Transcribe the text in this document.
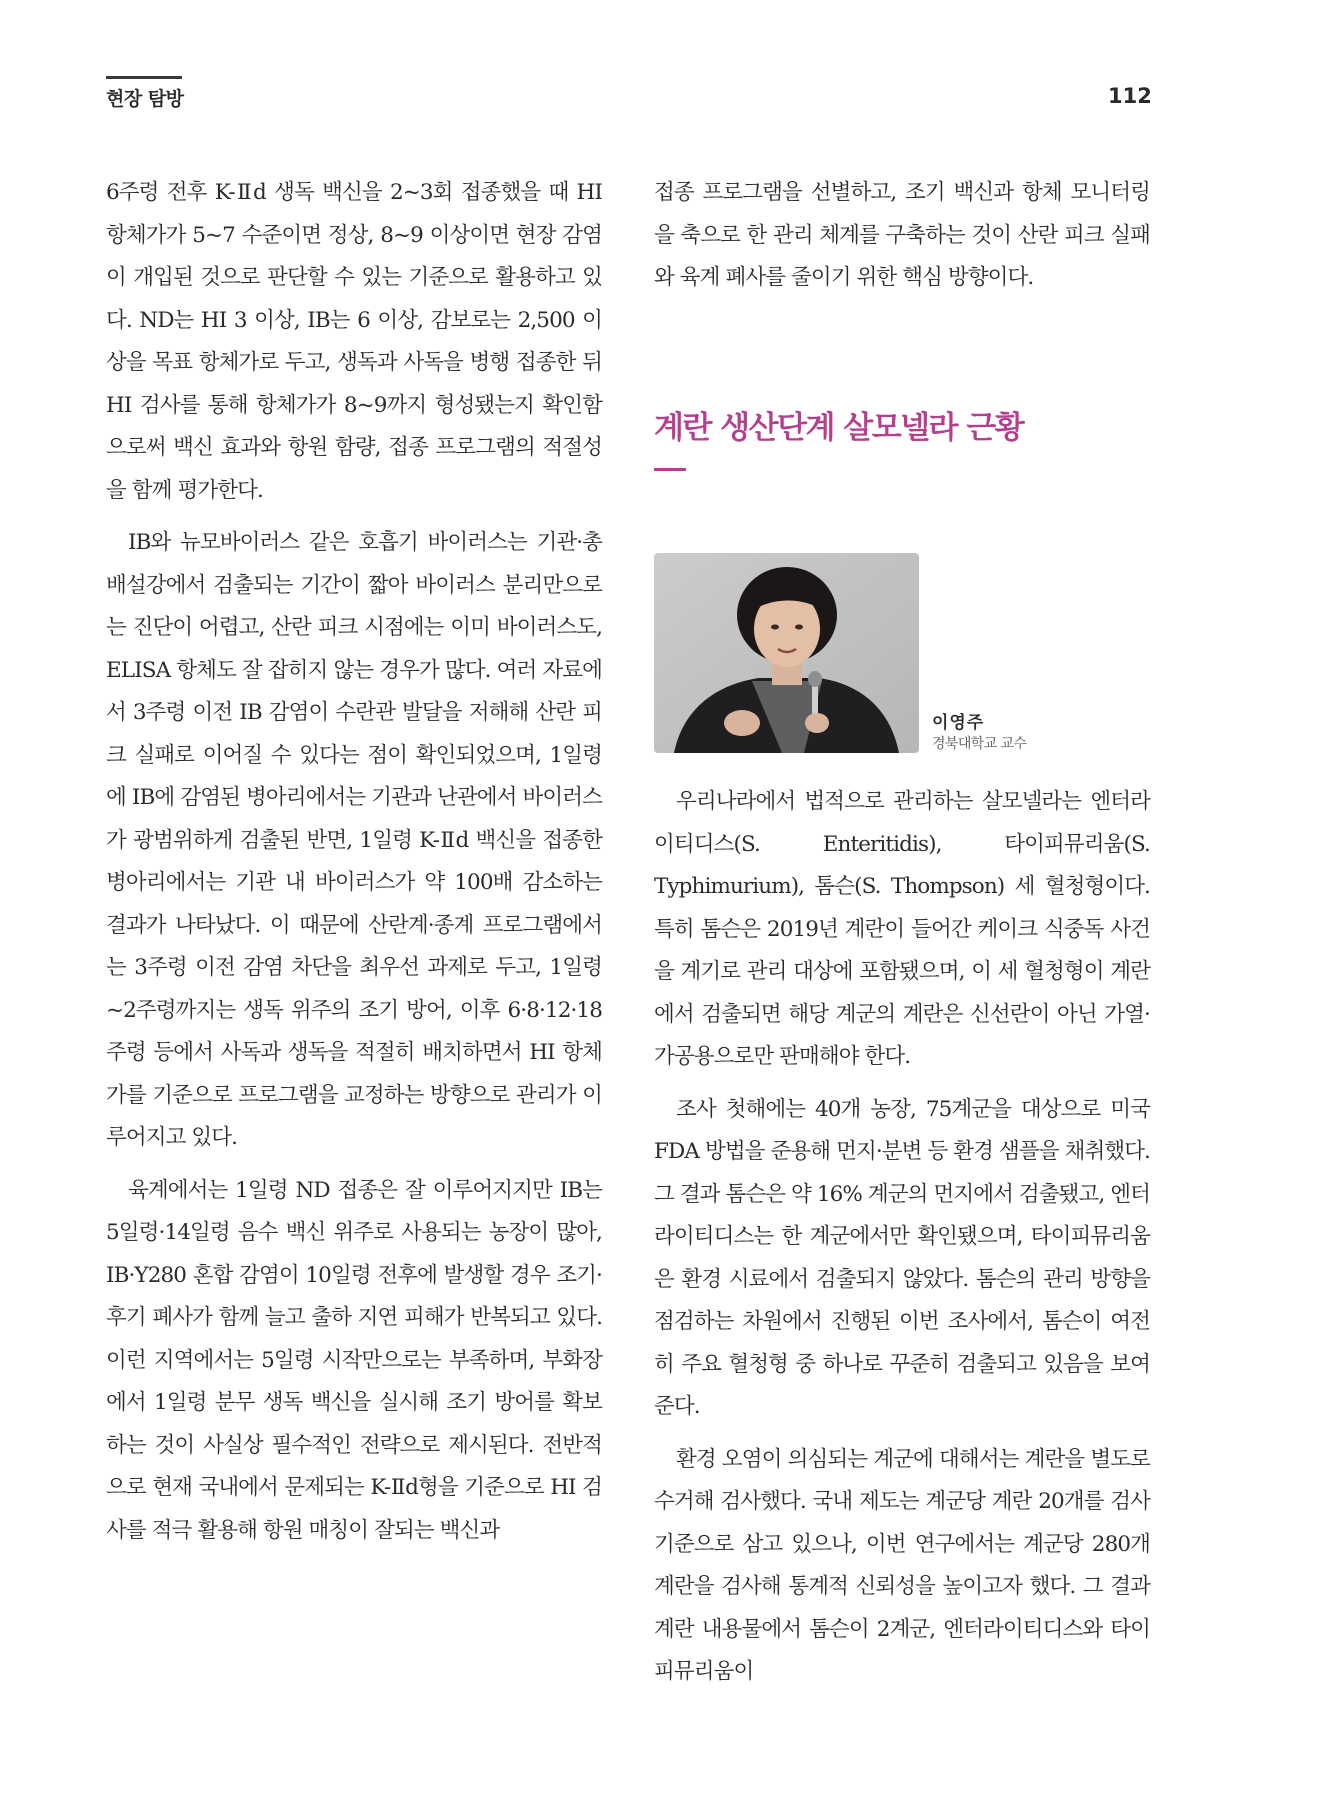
현장 탐방	112

6주령 전후 K-Ⅱd 생독 백신을 2~3회 접종했을 때 HI 항체가가 5~7 수준이면 정상, 8~9 이상이면 현장 감염이 개입된 것으로 판단할 수 있는 기준으로 활용하고 있다. ND는 HI 3 이상, IB는 6 이상, 감보로는 2,500 이상을 목표 항체가로 두고, 생독과 사독을 병행 접종한 뒤 HI 검사를 통해 항체가가 8~9까지 형성됐는지 확인함으로써 백신 효과와 항원 함량, 접종 프로그램의 적절성을 함께 평가한다.

IB와 뉴모바이러스 같은 호흡기 바이러스는 기관·총배설강에서 검출되는 기간이 짧아 바이러스 분리만으로는 진단이 어렵고, 산란 피크 시점에는 이미 바이러스도, ELISA 항체도 잘 잡히지 않는 경우가 많다. 여러 자료에서 3주령 이전 IB 감염이 수란관 발달을 저해해 산란 피크 실패로 이어질 수 있다는 점이 확인되었으며, 1일령에 IB에 감염된 병아리에서는 기관과 난관에서 바이러스가 광범위하게 검출된 반면, 1일령 K-Ⅱd 백신을 접종한 병아리에서는 기관 내 바이러스가 약 100배 감소하는 결과가 나타났다. 이 때문에 산란계·종계 프로그램에서는 3주령 이전 감염 차단을 최우선 과제로 두고, 1일령~2주령까지는 생독 위주의 조기 방어, 이후 6·8·12·18주령 등에서 사독과 생독을 적절히 배치하면서 HI 항체가를 기준으로 프로그램을 교정하는 방향으로 관리가 이루어지고 있다.

육계에서는 1일령 ND 접종은 잘 이루어지지만 IB는 5일령·14일령 음수 백신 위주로 사용되는 농장이 많아, IB·Y280 혼합 감염이 10일령 전후에 발생할 경우 조기·후기 폐사가 함께 늘고 출하 지연 피해가 반복되고 있다. 이런 지역에서는 5일령 시작만으로는 부족하며, 부화장에서 1일령 분무 생독 백신을 실시해 조기 방어를 확보하는 것이 사실상 필수적인 전략으로 제시된다. 전반적으로 현재 국내에서 문제되는 K-Ⅱd형을 기준으로 HI 검사를 적극 활용해 항원 매칭이 잘되는 백신과

접종 프로그램을 선별하고, 조기 백신과 항체 모니터링을 축으로 한 관리 체계를 구축하는 것이 산란 피크 실패와 육계 폐사를 줄이기 위한 핵심 방향이다.

계란 생산단계 살모넬라 근황
이영주
경북대학교 교수

우리나라에서 법적으로 관리하는 살모넬라는 엔터라이티디스(S. Enteritidis), 타이피뮤리움(S. Typhimurium), 톰슨(S. Thompson) 세 혈청형이다. 특히 톰슨은 2019년 계란이 들어간 케이크 식중독 사건을 계기로 관리 대상에 포함됐으며, 이 세 혈청형이 계란에서 검출되면 해당 계군의 계란은 신선란이 아닌 가열·가공용으로만 판매해야 한다.

조사 첫해에는 40개 농장, 75계군을 대상으로 미국 FDA 방법을 준용해 먼지·분변 등 환경 샘플을 채취했다. 그 결과 톰슨은 약 16% 계군의 먼지에서 검출됐고, 엔터라이티디스는 한 계군에서만 확인됐으며, 타이피뮤리움은 환경 시료에서 검출되지 않았다. 톰슨의 관리 방향을 점검하는 차원에서 진행된 이번 조사에서, 톰슨이 여전히 주요 혈청형 중 하나로 꾸준히 검출되고 있음을 보여준다.

환경 오염이 의심되는 계군에 대해서는 계란을 별도로 수거해 검사했다. 국내 제도는 계군당 계란 20개를 검사 기준으로 삼고 있으나, 이번 연구에서는 계군당 280개 계란을 검사해 통계적 신뢰성을 높이고자 했다. 그 결과 계란 내용물에서 톰슨이 2계군, 엔터라이티디스와 타이피뮤리움이
